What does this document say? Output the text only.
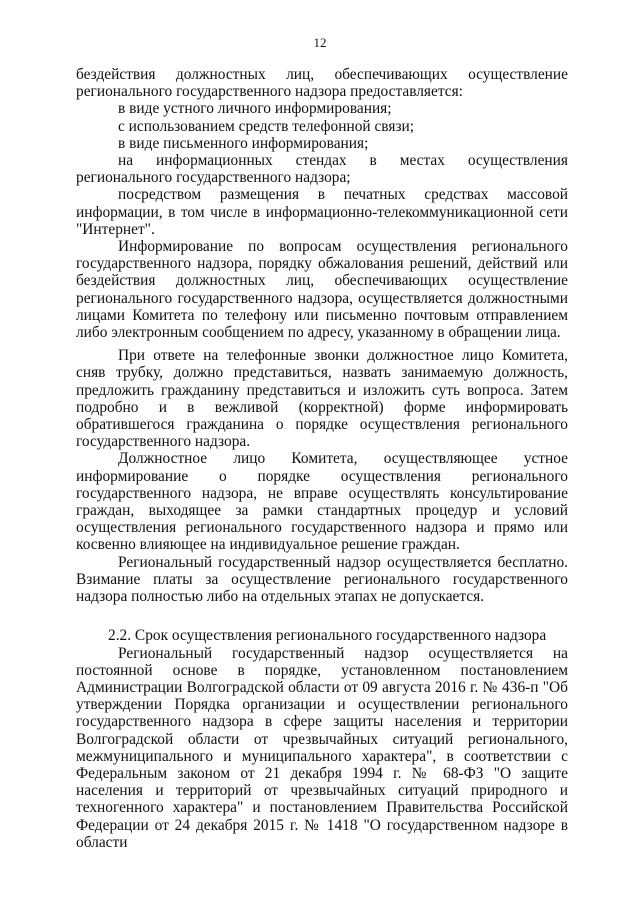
12

бездействия должностных лиц, обеспечивающих осуществление регионального государственного надзора предоставляется:

в виде устного личного информирования;

с использованием средств телефонной связи;

в виде письменного информирования;

на информационных стендах в местах осуществления регионального государственного надзора;

посредством размещения в печатных средствах массовой информации, в том числе в информационно-телекоммуникационной сети "Интернет".

Информирование по вопросам осуществления регионального государственного надзора, порядку обжалования решений, действий или бездействия должностных лиц, обеспечивающих осуществление регионального государственного надзора, осуществляется должностными лицами Комитета по телефону или письменно почтовым отправлением либо электронным сообщением по адресу, указанному в обращении лица.

При ответе на телефонные звонки должностное лицо Комитета, сняв трубку, должно представиться, назвать занимаемую должность, предложить гражданину представиться и изложить суть вопроса. Затем подробно и в вежливой (корректной) форме информировать обратившегося гражданина о порядке осуществления регионального государственного надзора.

Должностное лицо Комитета, осуществляющее устное информирование о порядке осуществления регионального государственного надзора, не вправе осуществлять консультирование граждан, выходящее за рамки стандартных процедур и условий осуществления регионального государственного надзора и прямо или косвенно влияющее на индивидуальное решение граждан.

Региональный государственный надзор осуществляется бесплатно. Взимание платы за осуществление регионального государственного надзора полностью либо на отдельных этапах не допускается.

2.2. Срок осуществления регионального государственного надзора

Региональный государственный надзор осуществляется на постоянной основе в порядке, установленном постановлением Администрации Волгоградской области от 09 августа 2016 г. № 436-п "Об утверждении Порядка организации и осуществлении регионального государственного надзора в сфере защиты населения и территории Волгоградской области от чрезвычайных ситуаций регионального, межмуниципального и муниципального характера", в соответствии с Федеральным законом от 21 декабря 1994 г. № 68-ФЗ "О защите населения и территорий от чрезвычайных ситуаций природного и техногенного характера" и постановлением Правительства Российской Федерации от 24 декабря 2015 г. № 1418 "О государственном надзоре в области
